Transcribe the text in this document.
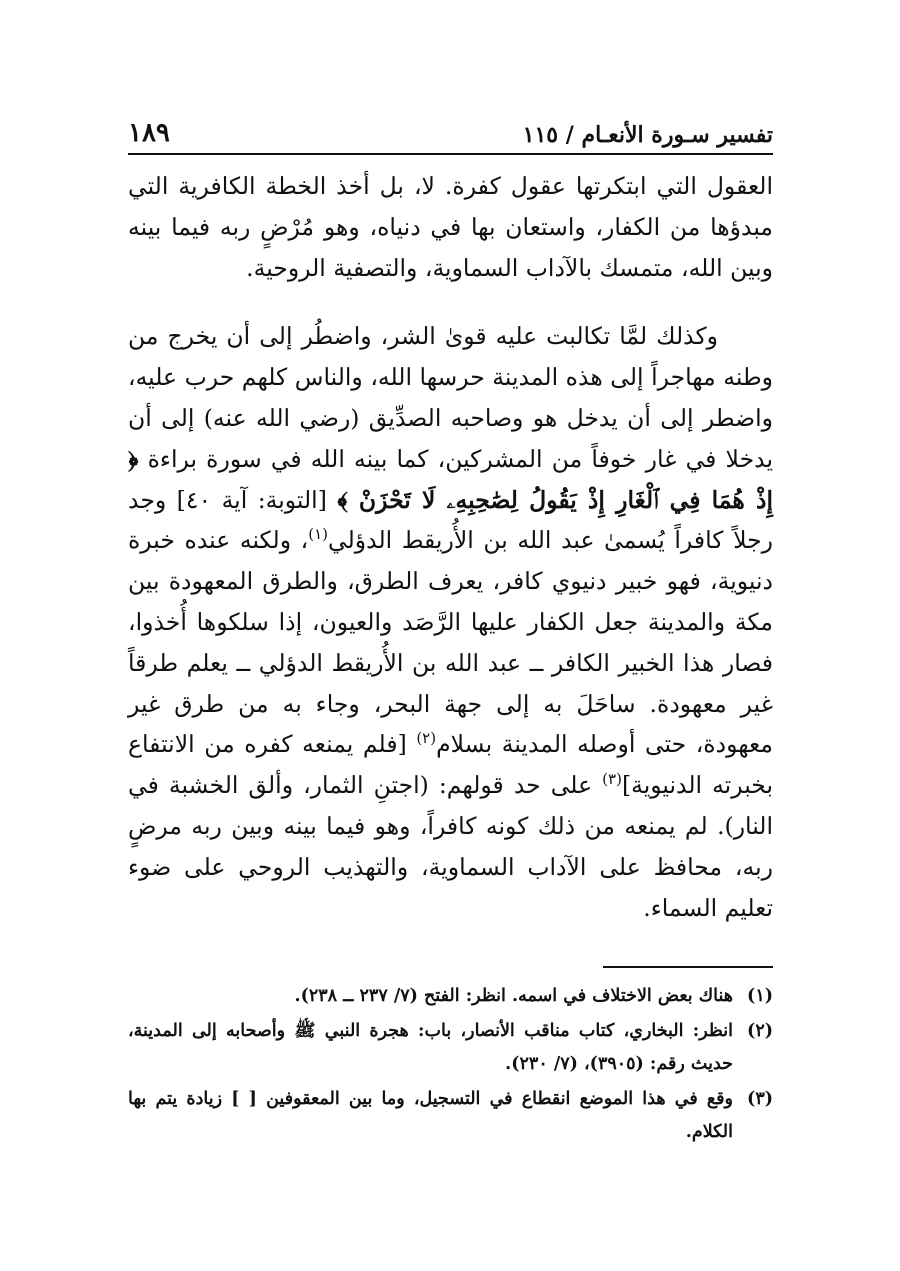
تفسير سـورة الأنعـام / ١١٥
١٨٩

العقول التي ابتكرتها عقول كفرة. لا، بل أخذ الخطة الكافرية التي مبدؤها من الكفار، واستعان بها في دنياه، وهو مُرْضٍ ربه فيما بينه وبين الله، متمسك بالآداب السماوية، والتصفية الروحية.

وكذلك لمَّا تكالبت عليه قوىٰ الشر، واضطُر إلى أن يخرج من وطنه مهاجراً إلى هذه المدينة حرسها الله، والناس كلهم حرب عليه، واضطر إلى أن يدخل هو وصاحبه الصدِّيق (رضي الله عنه) إلى أن يدخلا في غار خوفاً من المشركين، كما بينه الله في سورة براءة ﴿ إِذْ هُمَا فِي ٱلْغَارِ إِذْ يَقُولُ لِصَٰحِبِهِۦ لَا تَحْزَنْ ﴾ [التوبة: آية ٤٠] وجد رجلاً كافراً يُسمىٰ عبد الله بن الأُريقط الدؤلي$^{(١)}$، ولكنه عنده خبرة دنيوية، فهو خبير دنيوي كافر، يعرف الطرق، والطرق المعهودة بين مكة والمدينة جعل الكفار عليها الرَّصَد والعيون، إذا سلكوها أُخذوا، فصار هذا الخبير الكافر ــ عبد الله بن الأُريقط الدؤلي ــ يعلم طرقاً غير معهودة. ساحَلَ به إلى جهة البحر، وجاء به من طرق غير معهودة، حتى أوصله المدينة بسلام$^{(٢)}$ [فلم يمنعه كفره من الانتفاع بخبرته الدنيوية]$^{(٣)}$ على حد قولهم: (اجتنِ الثمار، وألق الخشبة في النار). لم يمنعه من ذلك كونه كافراً، وهو فيما بينه وبين ربه مرضٍ ربه، محافظ على الآداب السماوية، والتهذيب الروحي على ضوء تعليم السماء.

(١)
هناك بعض الاختلاف في اسمه. انظر: الفتح (٧/ ٢٣٧ ــ ٢٣٨).
(٢)
انظر: البخاري، كتاب مناقب الأنصار، باب: هجرة النبي ﷺ وأصحابه إلى المدينة، حديث رقم: (٣٩٠٥)، (٧/ ٢٣٠).
(٣)
وقع في هذا الموضع انقطاع في التسجيل، وما بين المعقوفين [ ] زيادة يتم بها الكلام.
